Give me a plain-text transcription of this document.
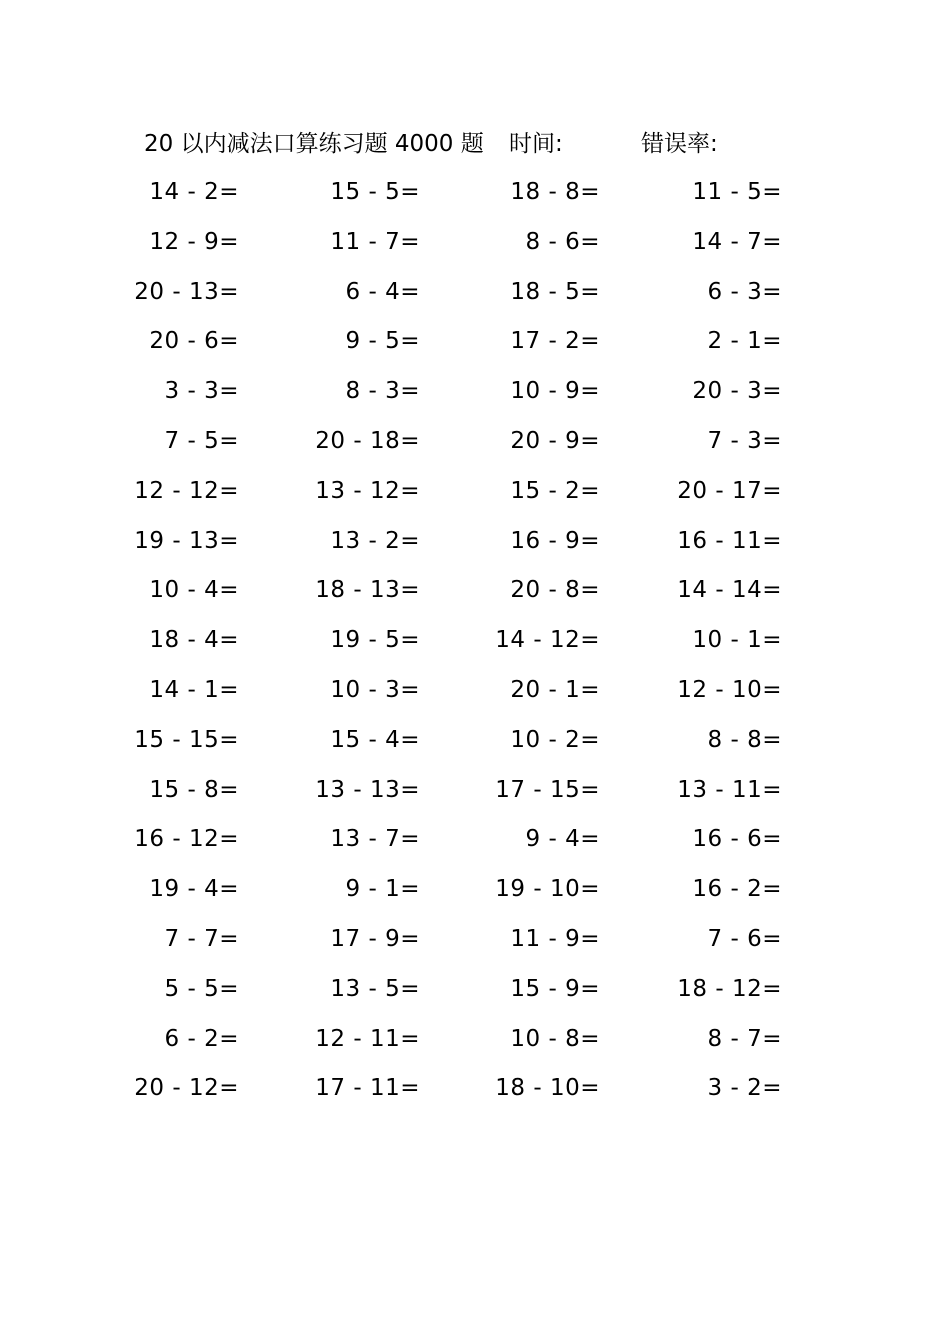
20 以内减法口算练习题 4000 题 时间:	错误率:
14 - 2=	15 - 5=	18 - 8=	11 - 5=
12 - 9=	11 - 7=	8 - 6=	14 - 7=
20 - 13=	6 - 4=	18 - 5=	6 - 3=
20 - 6=	9 - 5=	17 - 2=	2 - 1=
3 - 3=	8 - 3=	10 - 9=	20 - 3=
7 - 5=	20 - 18=	20 - 9=	7 - 3=
12 - 12=	13 - 12=	15 - 2=	20 - 17=
19 - 13=	13 - 2=	16 - 9=	16 - 11=
10 - 4=	18 - 13=	20 - 8=	14 - 14=
18 - 4=	19 - 5=	14 - 12=	10 - 1=
14 - 1=	10 - 3=	20 - 1=	12 - 10=
15 - 15=	15 - 4=	10 - 2=	8 - 8=
15 - 8=	13 - 13=	17 - 15=	13 - 11=
16 - 12=	13 - 7=	9 - 4=	16 - 6=
19 - 4=	9 - 1=	19 - 10=	16 - 2=
7 - 7=	17 - 9=	11 - 9=	7 - 6=
5 - 5=	13 - 5=	15 - 9=	18 - 12=
6 - 2=	12 - 11=	10 - 8=	8 - 7=
20 - 12=	17 - 11=	18 - 10=	3 - 2=
